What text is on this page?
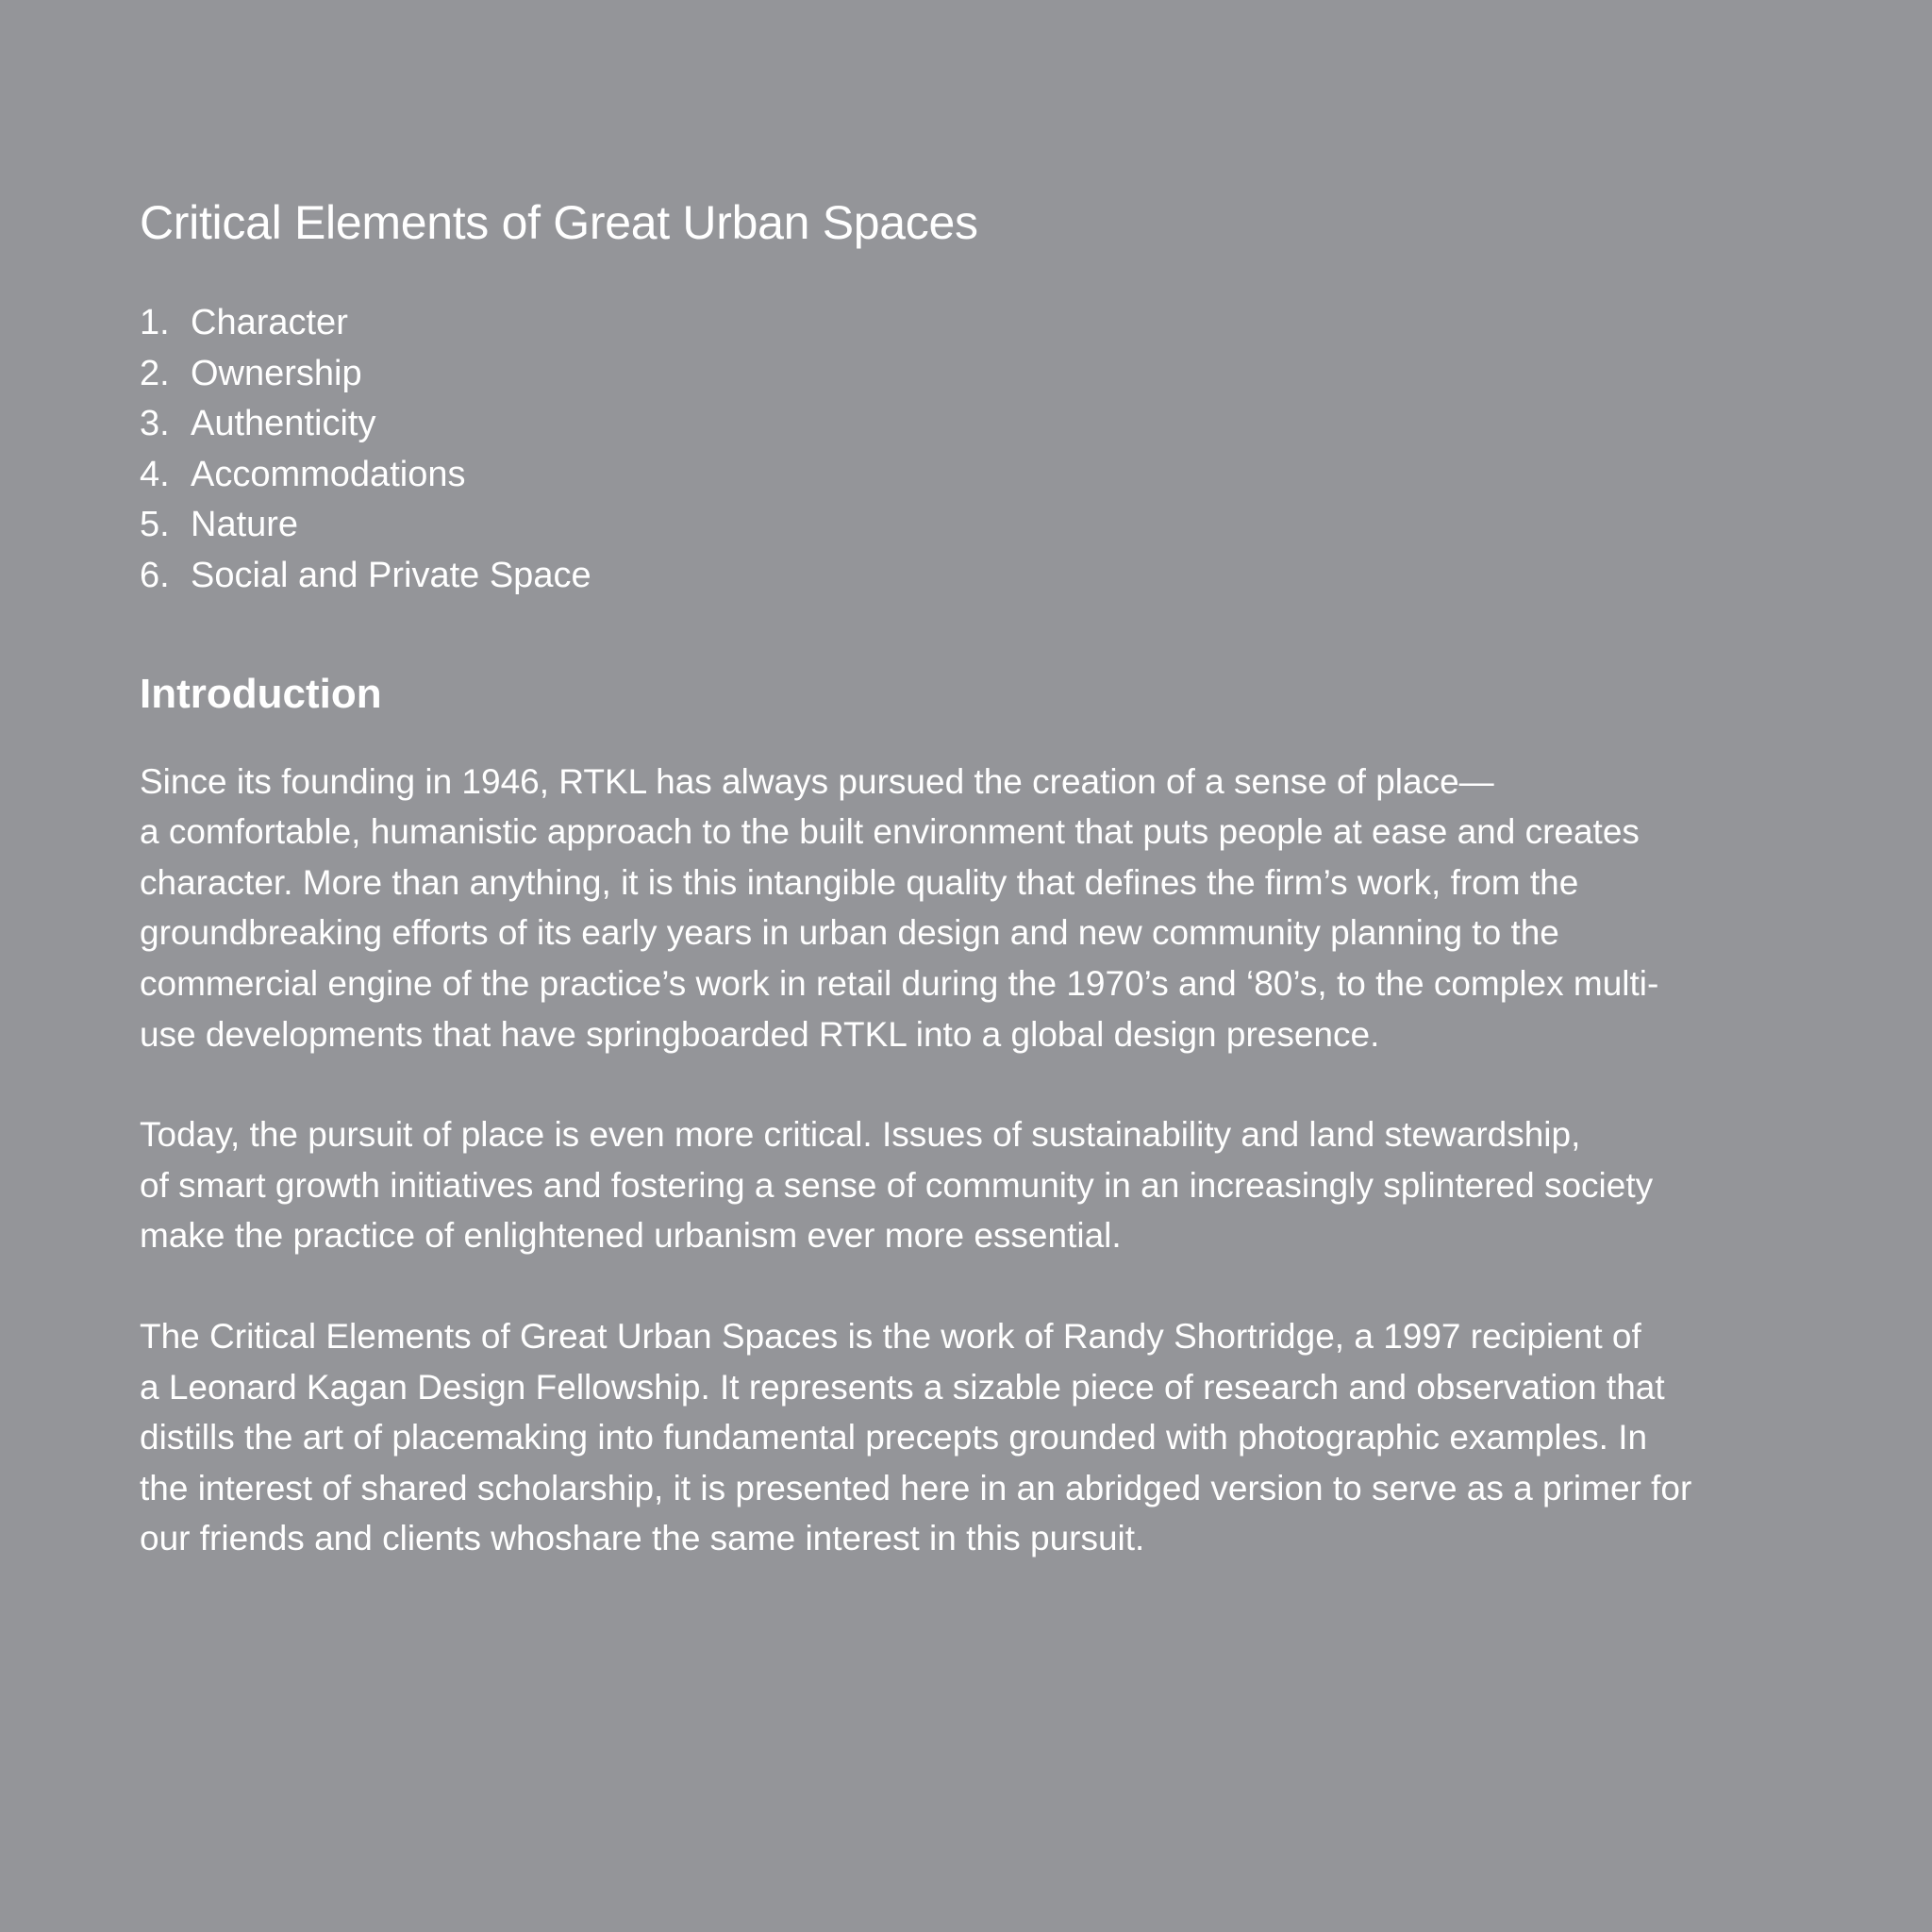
Critical Elements of Great Urban Spaces
1. Character
2. Ownership
3. Authenticity
4. Accommodations
5. Nature
6. Social and Private Space
Introduction

Since its founding in 1946, RTKL has always pursued the creation of a sense of place—
a comfortable, humanistic approach to the built environment that puts people at ease and creates
character. More than anything, it is this intangible quality that defines the firm’s work, from the
groundbreaking efforts of its early years in urban design and new community planning to the
commercial engine of the practice’s work in retail during the 1970’s and ‘80’s, to the complex multi-
use developments that have springboarded RTKL into a global design presence.

Today, the pursuit of place is even more critical. Issues of sustainability and land stewardship,
of smart growth initiatives and fostering a sense of community in an increasingly splintered society
make the practice of enlightened urbanism ever more essential.

The Critical Elements of Great Urban Spaces is the work of Randy Shortridge, a 1997 recipient of
a Leonard Kagan Design Fellowship. It represents a sizable piece of research and observation that
distills the art of placemaking into fundamental precepts grounded with photographic examples. In
the interest of shared scholarship, it is presented here in an abridged version to serve as a primer for
our friends and clients whoshare the same interest in this pursuit.
